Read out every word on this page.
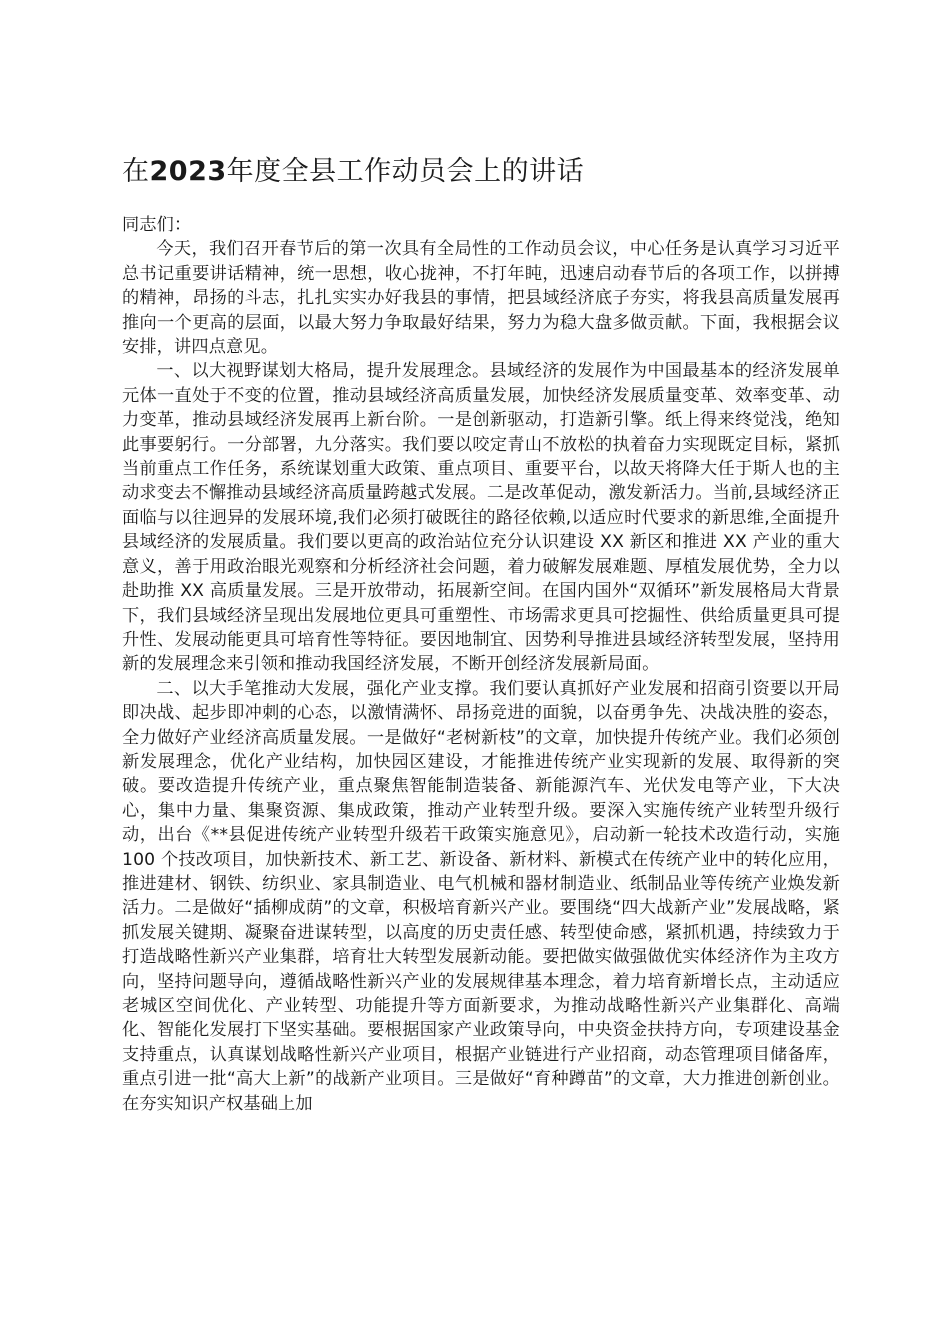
在2023年度全县工作动员会上的讲话

同志们：

今天，我们召开春节后的第一次具有全局性的工作动员会议，中心任务是认真学习习近平总书记重要讲话精神，统一思想，收心拢神，不打年盹，迅速启动春节后的各项工作，以拼搏的精神，昂扬的斗志，扎扎实实办好我县的事情，把县域经济底子夯实，将我县高质量发展再推向一个更高的层面，以最大努力争取最好结果，努力为稳大盘多做贡献。下面，我根据会议安排，讲四点意见。

一、以大视野谋划大格局，提升发展理念。县域经济的发展作为中国最基本的经济发展单元体一直处于不变的位置，推动县域经济高质量发展，加快经济发展质量变革、效率变革、动力变革，推动县域经济发展再上新台阶。一是创新驱动，打造新引擎。纸上得来终觉浅，绝知此事要躬行。一分部署，九分落实。我们要以咬定青山不放松的执着奋力实现既定目标，紧抓当前重点工作任务，系统谋划重大政策、重点项目、重要平台，以故天将降大任于斯人也的主动求变去不懈推动县域经济高质量跨越式发展。二是改革促动，激发新活力。当前,县域经济正面临与以往迥异的发展环境,我们必须打破既往的路径依赖,以适应时代要求的新思维,全面提升县域经济的发展质量。我们要以更高的政治站位充分认识建设 XX 新区和推进 XX 产业的重大意义，善于用政治眼光观察和分析经济社会问题，着力破解发展难题、厚植发展优势，全力以赴助推 XX 高质量发展。三是开放带动，拓展新空间。在国内国外“双循环”新发展格局大背景下，我们县域经济呈现出发展地位更具可重塑性、市场需求更具可挖掘性、供给质量更具可提升性、发展动能更具可培育性等特征。要因地制宜、因势利导推进县域经济转型发展，坚持用新的发展理念来引领和推动我国经济发展，不断开创经济发展新局面。

二、以大手笔推动大发展，强化产业支撑。我们要认真抓好产业发展和招商引资要以开局即决战、起步即冲刺的心态，以激情满怀、昂扬竞进的面貌，以奋勇争先、决战决胜的姿态，全力做好产业经济高质量发展。一是做好“老树新枝”的文章，加快提升传统产业。我们必须创新发展理念，优化产业结构，加快园区建设，才能推进传统产业实现新的发展、取得新的突破。要改造提升传统产业，重点聚焦智能制造装备、新能源汽车、光伏发电等产业，下大决心，集中力量、集聚资源、集成政策，推动产业转型升级。要深入实施传统产业转型升级行动，出台《**县促进传统产业转型升级若干政策实施意见》，启动新一轮技术改造行动，实施 100 个技改项目，加快新技术、新工艺、新设备、新材料、新模式在传统产业中的转化应用，推进建材、钢铁、纺织业、家具制造业、电气机械和器材制造业、纸制品业等传统产业焕发新活力。二是做好“插柳成荫”的文章，积极培育新兴产业。要围绕“四大战新产业”发展战略，紧抓发展关键期、凝聚奋进谋转型，以高度的历史责任感、转型使命感，紧抓机遇，持续致力于打造战略性新兴产业集群，培育壮大转型发展新动能。要把做实做强做优实体经济作为主攻方向，坚持问题导向，遵循战略性新兴产业的发展规律基本理念，着力培育新增长点，主动适应老城区空间优化、产业转型、功能提升等方面新要求，为推动战略性新兴产业集群化、高端化、智能化发展打下坚实基础。要根据国家产业政策导向，中央资金扶持方向，专项建设基金支持重点，认真谋划战略性新兴产业项目，根据产业链进行产业招商，动态管理项目储备库，重点引进一批“高大上新”的战新产业项目。三是做好“育种蹲苗”的文章，大力推进创新创业。在夯实知识产权基础上加
